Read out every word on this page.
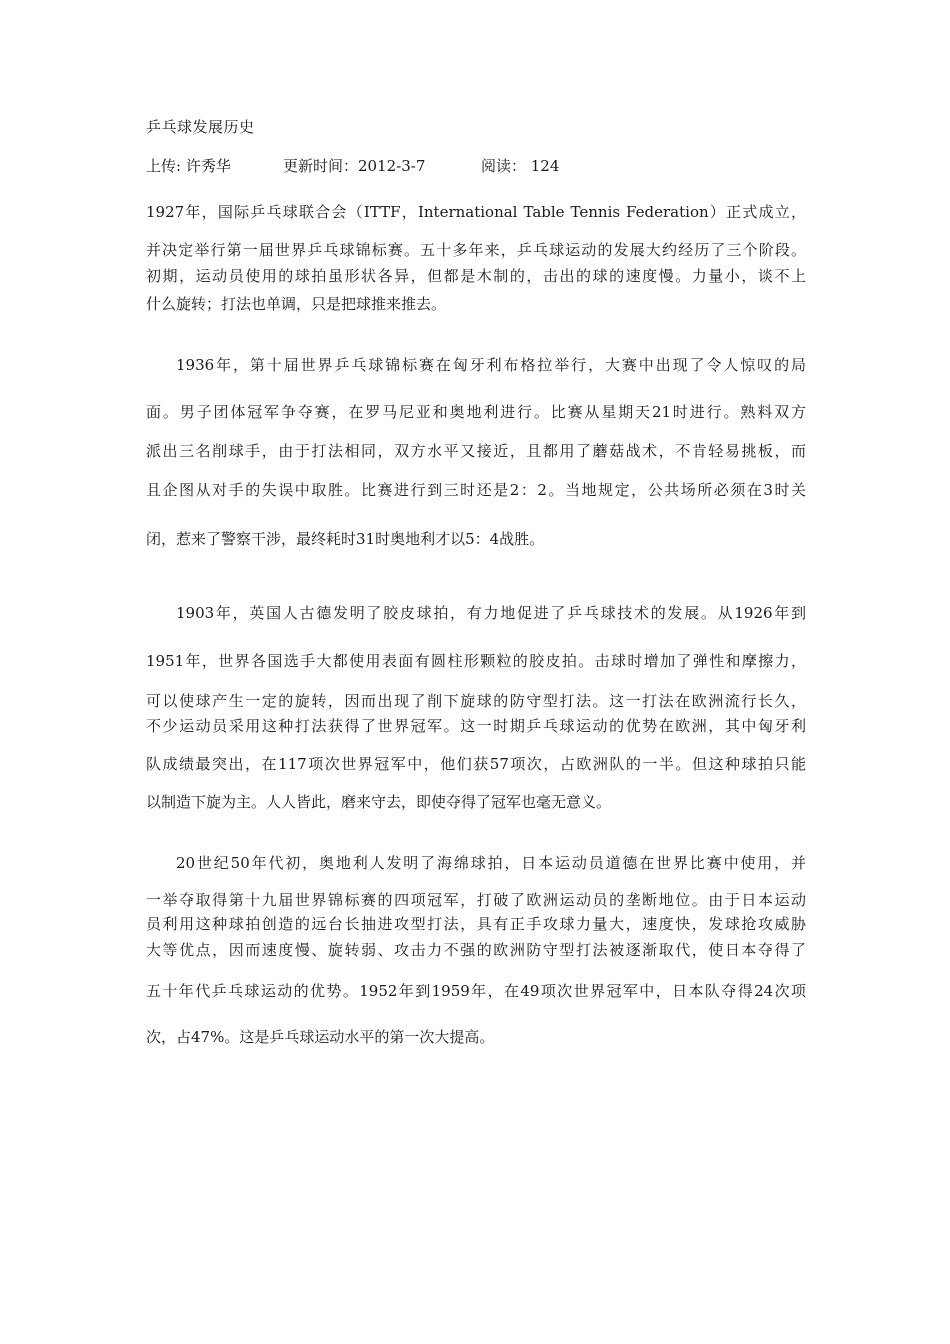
乒乓球发展历史
上传: 许秀华	更新时间：2012-3-7	阅读： 124
1927年，国际乒乓球联合会（ITTF，International Table Tennis Federation）正式成立，
并决定举行第一届世界乒乓球锦标赛。五十多年来，乒乓球运动的发展大约经历了三个阶段。
初期，运动员使用的球拍虽形状各异，但都是木制的，击出的球的速度慢。力量小，谈不上
什么旋转；打法也单调，只是把球推来推去。
1936年，第十届世界乒乓球锦标赛在匈牙利布格拉举行，大赛中出现了令人惊叹的局
面。男子团体冠军争夺赛，在罗马尼亚和奥地利进行。比赛从星期天21时进行。熟料双方
派出三名削球手，由于打法相同，双方水平又接近，且都用了蘑菇战术，不肯轻易挑板，而
且企图从对手的失误中取胜。比赛进行到三时还是2：2。当地规定，公共场所必须在3时关
闭，惹来了警察干涉，最终耗时31时奥地利才以5：4战胜。
1903年，英国人古德发明了胶皮球拍，有力地促进了乒乓球技术的发展。从1926年到
1951年，世界各国选手大都使用表面有圆柱形颗粒的胶皮拍。击球时增加了弹性和摩擦力，
可以使球产生一定的旋转，因而出现了削下旋球的防守型打法。这一打法在欧洲流行长久，
不少运动员采用这种打法获得了世界冠军。这一时期乒乓球运动的优势在欧洲，其中匈牙利
队成绩最突出，在117项次世界冠军中，他们获57项次，占欧洲队的一半。但这种球拍只能
以制造下旋为主。人人皆此，磨来守去，即使夺得了冠军也毫无意义。
20世纪50年代初，奥地利人发明了海绵球拍，日本运动员道德在世界比赛中使用，并
一举夺取得第十九届世界锦标赛的四项冠军，打破了欧洲运动员的垄断地位。由于日本运动
员利用这种球拍创造的远台长抽进攻型打法，具有正手攻球力量大，速度快，发球抢攻威胁
大等优点，因而速度慢、旋转弱、攻击力不强的欧洲防守型打法被逐渐取代，使日本夺得了
五十年代乒乓球运动的优势。1952年到1959年，在49项次世界冠军中，日本队夺得24次项
次，占47%。这是乒乓球运动水平的第一次大提高。
